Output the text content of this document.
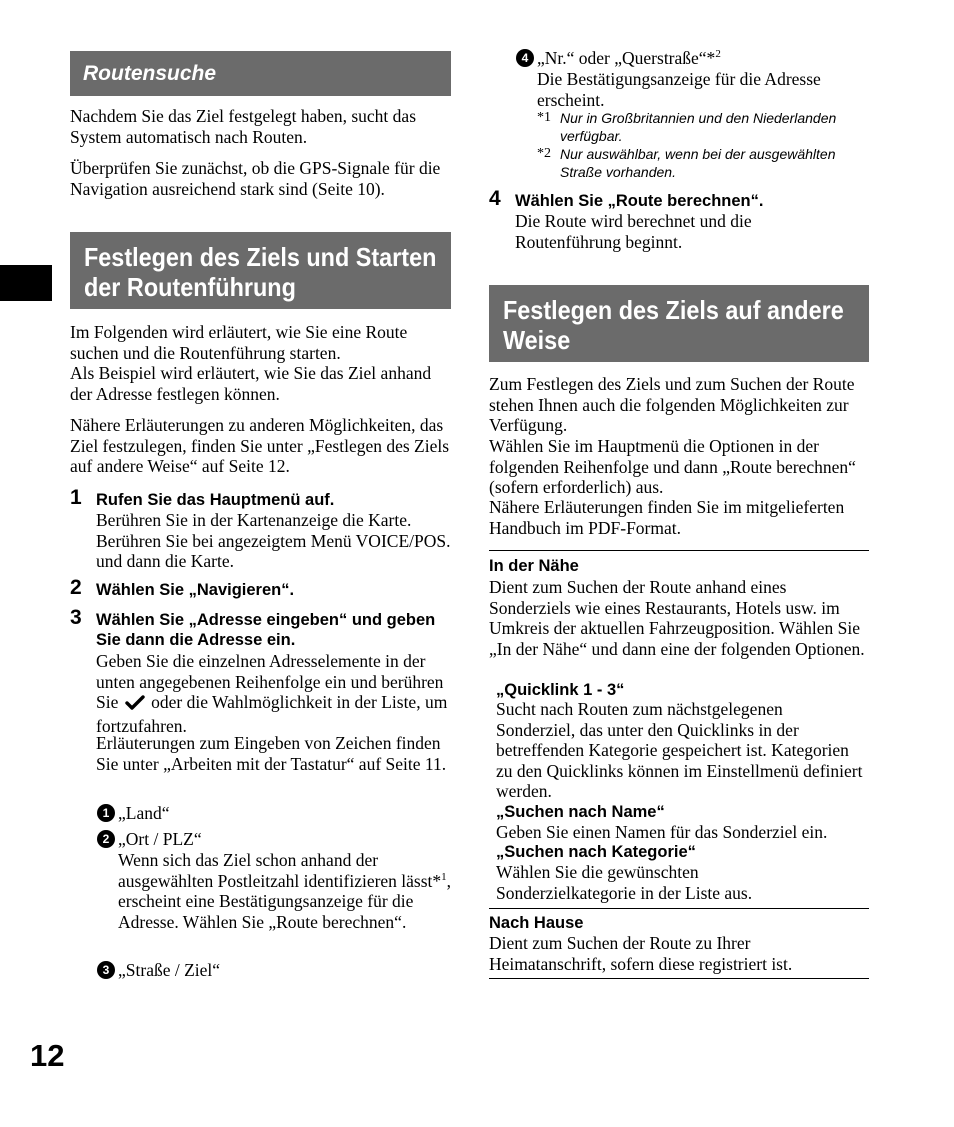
Routensuche

Nachdem Sie das Ziel festgelegt haben, sucht das System automatisch nach Routen.

Überprüfen Sie zunächst, ob die GPS-Signale für die Navigation ausreichend stark sind (Seite 10).

Festlegen des Ziels und Starten der Routenführung

Im Folgenden wird erläutert, wie Sie eine Route suchen und die Routenführung starten.

Als Beispiel wird erläutert, wie Sie das Ziel anhand der Adresse festlegen können.

Nähere Erläuterungen zu anderen Möglichkeiten, das Ziel festzulegen, finden Sie unter „Festlegen des Ziels auf andere Weise“ auf Seite 12.

1 Rufen Sie das Hauptmenü auf.

Berühren Sie in der Kartenanzeige die Karte. Berühren Sie bei angezeigtem Menü VOICE/POS. und dann die Karte.

2 Wählen Sie „Navigieren“.
3 Wählen Sie „Adresse eingeben“ und geben Sie dann die Adresse ein.

Geben Sie die einzelnen Adresselemente in der unten angegebenen Reihenfolge ein und berühren Sie oder die Wahlmöglichkeit in der Liste, um fortzufahren.

Erläuterungen zum Eingeben von Zeichen finden Sie unter „Arbeiten mit der Tastatur“ auf Seite 11.

1 „Land“

2 „Ort / PLZ“

Wenn sich das Ziel schon anhand der ausgewählten Postleitzahl identifizieren lässt*$^1$, erscheint eine Bestätigungsanzeige für die Adresse. Wählen Sie „Route berechnen“.

3 „Straße / Ziel“

4 „Nr.“ oder „Querstraße“*$^2$

Die Bestätigungsanzeige für die Adresse erscheint.

*1 Nur in Großbritannien und den Niederlanden verfügbar.
*2 Nur auswählbar, wenn bei der ausgewählten Straße vorhanden.
4 Wählen Sie „Route berechnen“.

Die Route wird berechnet und die Routenführung beginnt.

Festlegen des Ziels auf andere Weise

Zum Festlegen des Ziels und zum Suchen der Route stehen Ihnen auch die folgenden Möglichkeiten zur Verfügung.

Wählen Sie im Hauptmenü die Optionen in der folgenden Reihenfolge und dann „Route berechnen“ (sofern erforderlich) aus.

Nähere Erläuterungen finden Sie im mitgelieferten Handbuch im PDF-Format.

In der Nähe

Dient zum Suchen der Route anhand eines Sonderziels wie eines Restaurants, Hotels usw. im Umkreis der aktuellen Fahrzeugposition. Wählen Sie „In der Nähe“ und dann eine der folgenden Optionen.

„Quicklink 1 - 3“

Sucht nach Routen zum nächstgelegenen Sonderziel, das unter den Quicklinks in der betreffenden Kategorie gespeichert ist. Kategorien zu den Quicklinks können im Einstellmenü definiert werden.

„Suchen nach Name“

Geben Sie einen Namen für das Sonderziel ein.

„Suchen nach Kategorie“

Wählen Sie die gewünschten Sonderzielkategorie in der Liste aus.

Nach Hause

Dient zum Suchen der Route zu Ihrer Heimatanschrift, sofern diese registriert ist.

12
